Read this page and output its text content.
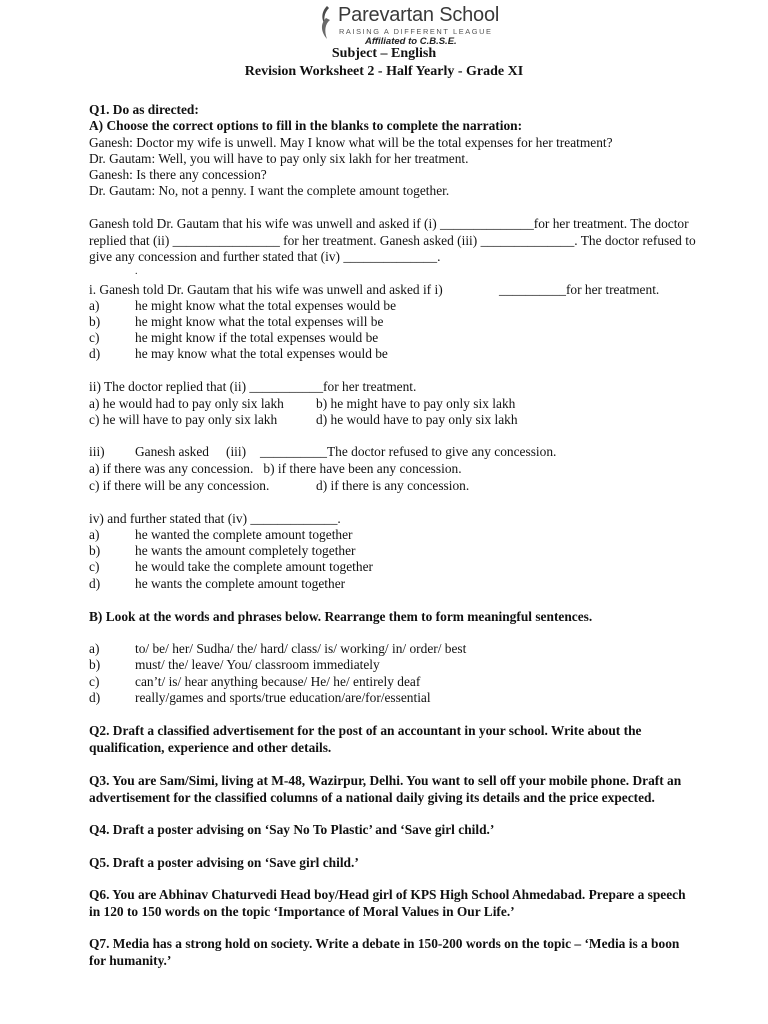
Parevartan School
RAISING A DIFFERENT LEAGUE
Affiliated to C.B.S.E.
Subject – English
Revision Worksheet 2 - Half Yearly - Grade XI
Q1. Do as directed:
A) Choose the correct options to fill in the blanks to complete the narration:
Ganesh: Doctor my wife is unwell. May I know what will be the total expenses for her treatment?
Dr. Gautam: Well, you will have to pay only six lakh for her treatment.
Ganesh: Is there any concession?
Dr. Gautam: No, not a penny. I want the complete amount together.
Ganesh told Dr. Gautam that his wife was unwell and asked if (i) ______________for her treatment. The doctor
replied that (ii) ________________ for her treatment. Ganesh asked (iii) ______________. The doctor refused to
give any concession and further stated that (iv) ______________.
.
i. Ganesh told Dr. Gautam that his wife was unwell and asked if i)	__________for her treatment.
a)	he might know what the total expenses would be
b)	he might know what the total expenses will be
c)	he might know if the total expenses would be
d)	he may know what the total expenses would be
ii) The doctor replied that (ii) ___________for her treatment.
a) he would had to pay only six lakh b) he might have to pay only six lakh
c) he will have to pay only six lakh	d) he would have to pay only six lakh
iii) Ganesh asked (iii) __________The doctor refused to give any concession.
a) if there was any concession.   b) if there have been any concession.
c) if there will be any concession.	d) if there is any concession.
iv) and further stated that (iv) _____________.
a)	he wanted the complete amount together
b)	he wants the amount completely together
c)	he would take the complete amount together
d)	he wants the complete amount together
B) Look at the words and phrases below. Rearrange them to form meaningful sentences.
a)	to/ be/ her/ Sudha/ the/ hard/ class/ is/ working/ in/ order/ best
b)	must/ the/ leave/ You/ classroom immediately
c)	can’t/ is/ hear anything because/ He/ he/ entirely deaf
d)	really/games and sports/true education/are/for/essential
Q2. Draft a classified advertisement for the post of an accountant in your school. Write about the
qualification, experience and other details.
Q3. You are Sam/Simi, living at M-48, Wazirpur, Delhi. You want to sell off your mobile phone. Draft an
advertisement for the classified columns of a national daily giving its details and the price expected.
Q4. Draft a poster advising on ‘Say No To Plastic’ and ‘Save girl child.’
Q5. Draft a poster advising on ‘Save girl child.’
Q6. You are Abhinav Chaturvedi Head boy/Head girl of KPS High School Ahmedabad. Prepare a speech
in 120 to 150 words on the topic ‘Importance of Moral Values in Our Life.’
Q7. Media has a strong hold on society. Write a debate in 150-200 words on the topic – ‘Media is a boon
for humanity.’
